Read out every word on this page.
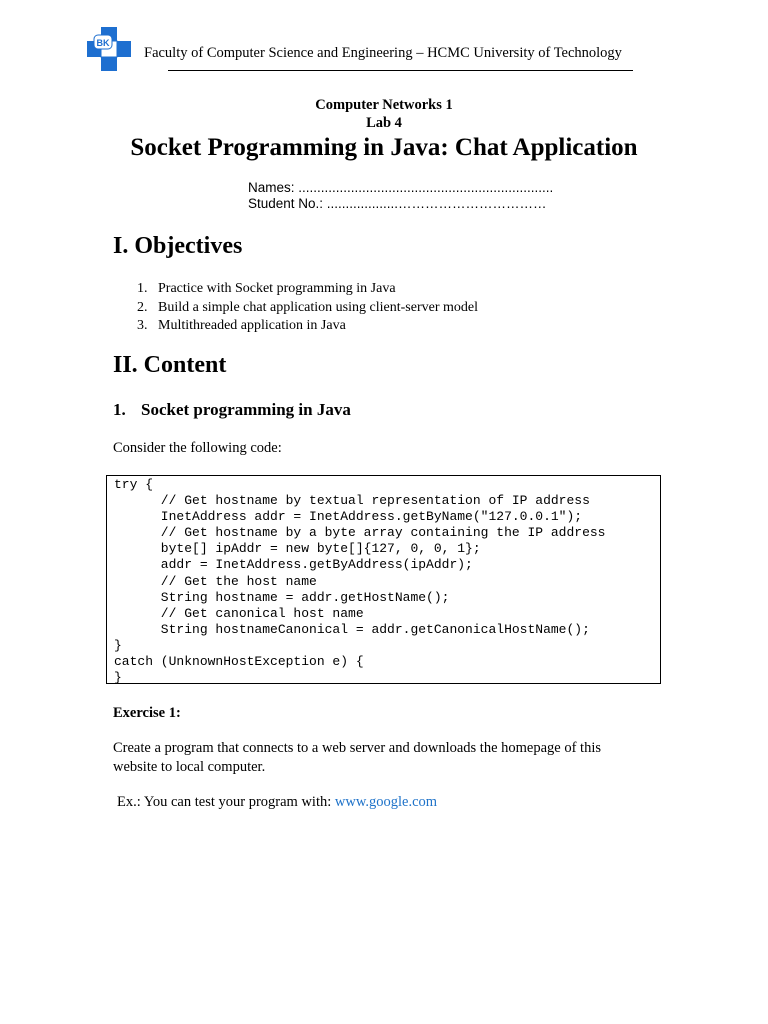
BK
Faculty of Computer Science and Engineering – HCMC University of Technology
Computer Networks 1
Lab 4
Socket Programming in Java: Chat Application
Names: ....................................................................
Student No.: ...................……………………………
I. Objectives
1. Practice with Socket programming in Java
2. Build a simple chat application using client-server model
3. Multithreaded application in Java
II. Content
1. Socket programming in Java
Consider the following code:
try {
// Get hostname by textual representation of IP address
InetAddress addr = InetAddress.getByName("127.0.0.1");
// Get hostname by a byte array containing the IP address
byte[] ipAddr = new byte[]{127, 0, 0, 1};
addr = InetAddress.getByAddress(ipAddr);
// Get the host name
String hostname = addr.getHostName();
// Get canonical host name
String hostnameCanonical = addr.getCanonicalHostName();
}
catch (UnknownHostException e) {
}
Exercise 1:
Create a program that connects to a web server and downloads the homepage of this
website to local computer.
Ex.: You can test your program with: www.google.com
